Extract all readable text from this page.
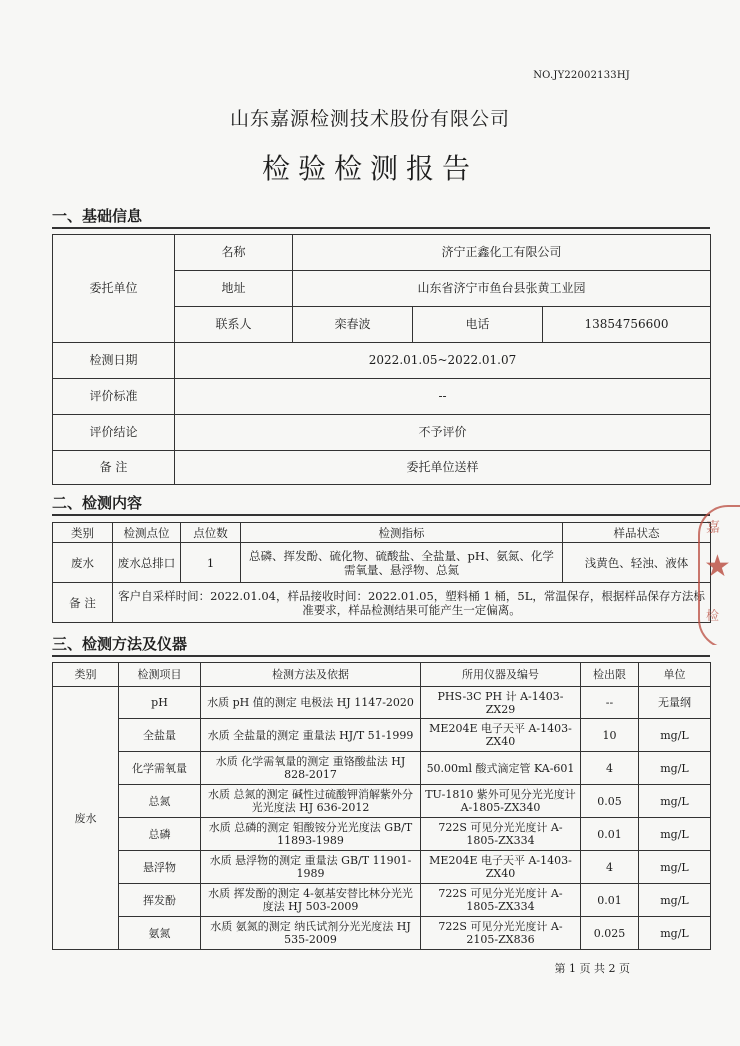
NO.JY22002133HJ
山东嘉源检测技术股份有限公司
检验检测报告
一、基础信息
委托单位	名称	济宁正鑫化工有限公司		
	地址	山东省济宁市鱼台县张黄工业园		
	联系人	栾春波	电话	13854756600
检测日期	2022.01.05~2022.01.07			
评价标准	--			
评价结论	不予评价			
备 注	委托单位送样			
二、检测内容
类别	检测点位	点位数	检测指标	样品状态
废水	废水总排口	1	总磷、挥发酚、硫化物、硫酸盐、全盐量、pH、氨氮、化学需氧量、悬浮物、总氮	浅黄色、轻浊、液体
备 注	客户自采样时间：2022.01.04，样品接收时间：2022.01.05，塑料桶 1 桶，5L，常温保存，根据样品保存方法标准要求，样品检测结果可能产生一定偏离。			
嘉
★
检
三、检测方法及仪器
类别	检测项目	检测方法及依据	所用仪器及编号	检出限	单位
废水	pH	水质 pH 值的测定 电极法 HJ 1147-2020	PHS-3C PH 计 A-1403-ZX29	--	无量纲
	全盐量	水质 全盐量的测定 重量法 HJ/T 51-1999	ME204E 电子天平 A-1403-ZX40	10	mg/L
	化学需氧量	水质 化学需氧量的测定 重铬酸盐法 HJ 828-2017	50.00ml 酸式滴定管 KA-601	4	mg/L
	总氮	水质 总氮的测定 碱性过硫酸钾消解紫外分光光度法 HJ 636-2012	TU-1810 紫外可见分光光度计 A-1805-ZX340	0.05	mg/L
	总磷	水质 总磷的测定 钼酸铵分光光度法 GB/T 11893-1989	722S 可见分光光度计 A-1805-ZX334	0.01	mg/L
	悬浮物	水质 悬浮物的测定 重量法 GB/T 11901-1989	ME204E 电子天平 A-1403-ZX40	4	mg/L
	挥发酚	水质 挥发酚的测定 4-氨基安替比林分光光度法 HJ 503-2009	722S 可见分光光度计 A-1805-ZX334	0.01	mg/L
	氨氮	水质 氨氮的测定 纳氏试剂分光光度法 HJ 535-2009	722S 可见分光光度计 A-2105-ZX836	0.025	mg/L
第 1 页 共 2 页
